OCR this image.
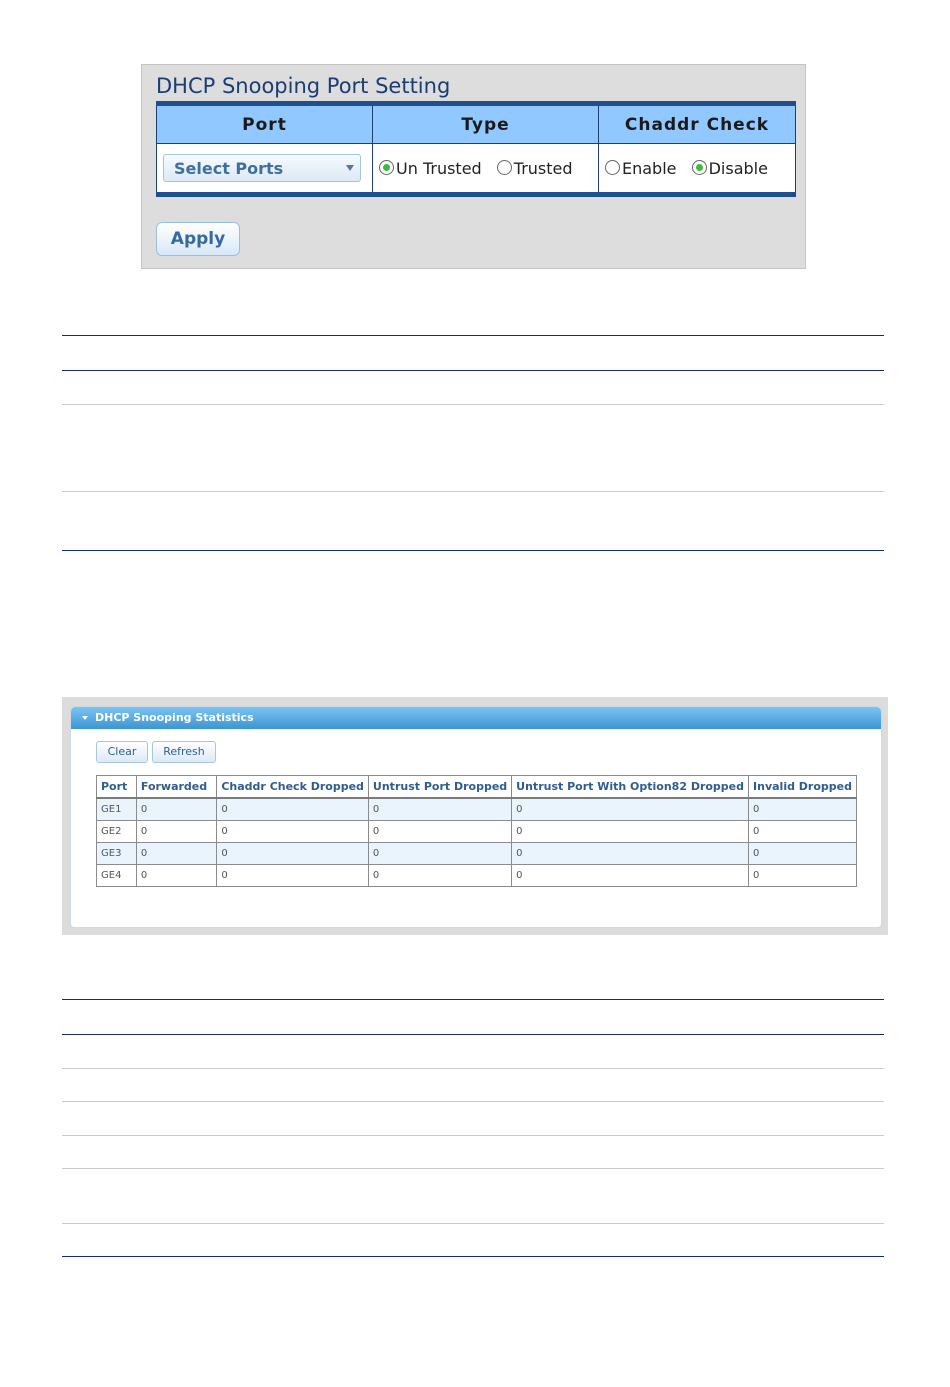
DHCP Snooping Port Setting
Port	Type	Chaddr Check

Select Ports	Un Trusted Trusted	Enable Disable
Apply
DHCP Snooping Statistics
Clear	Refresh
Port	Forwarded	Chaddr Check Dropped	Untrust Port Dropped	Untrust Port With Option82 Dropped	Invalid Dropped
GE1	0	0	0	0	0
GE2	0	0	0	0	0
GE3	0	0	0	0	0
GE4	0	0	0	0	0
